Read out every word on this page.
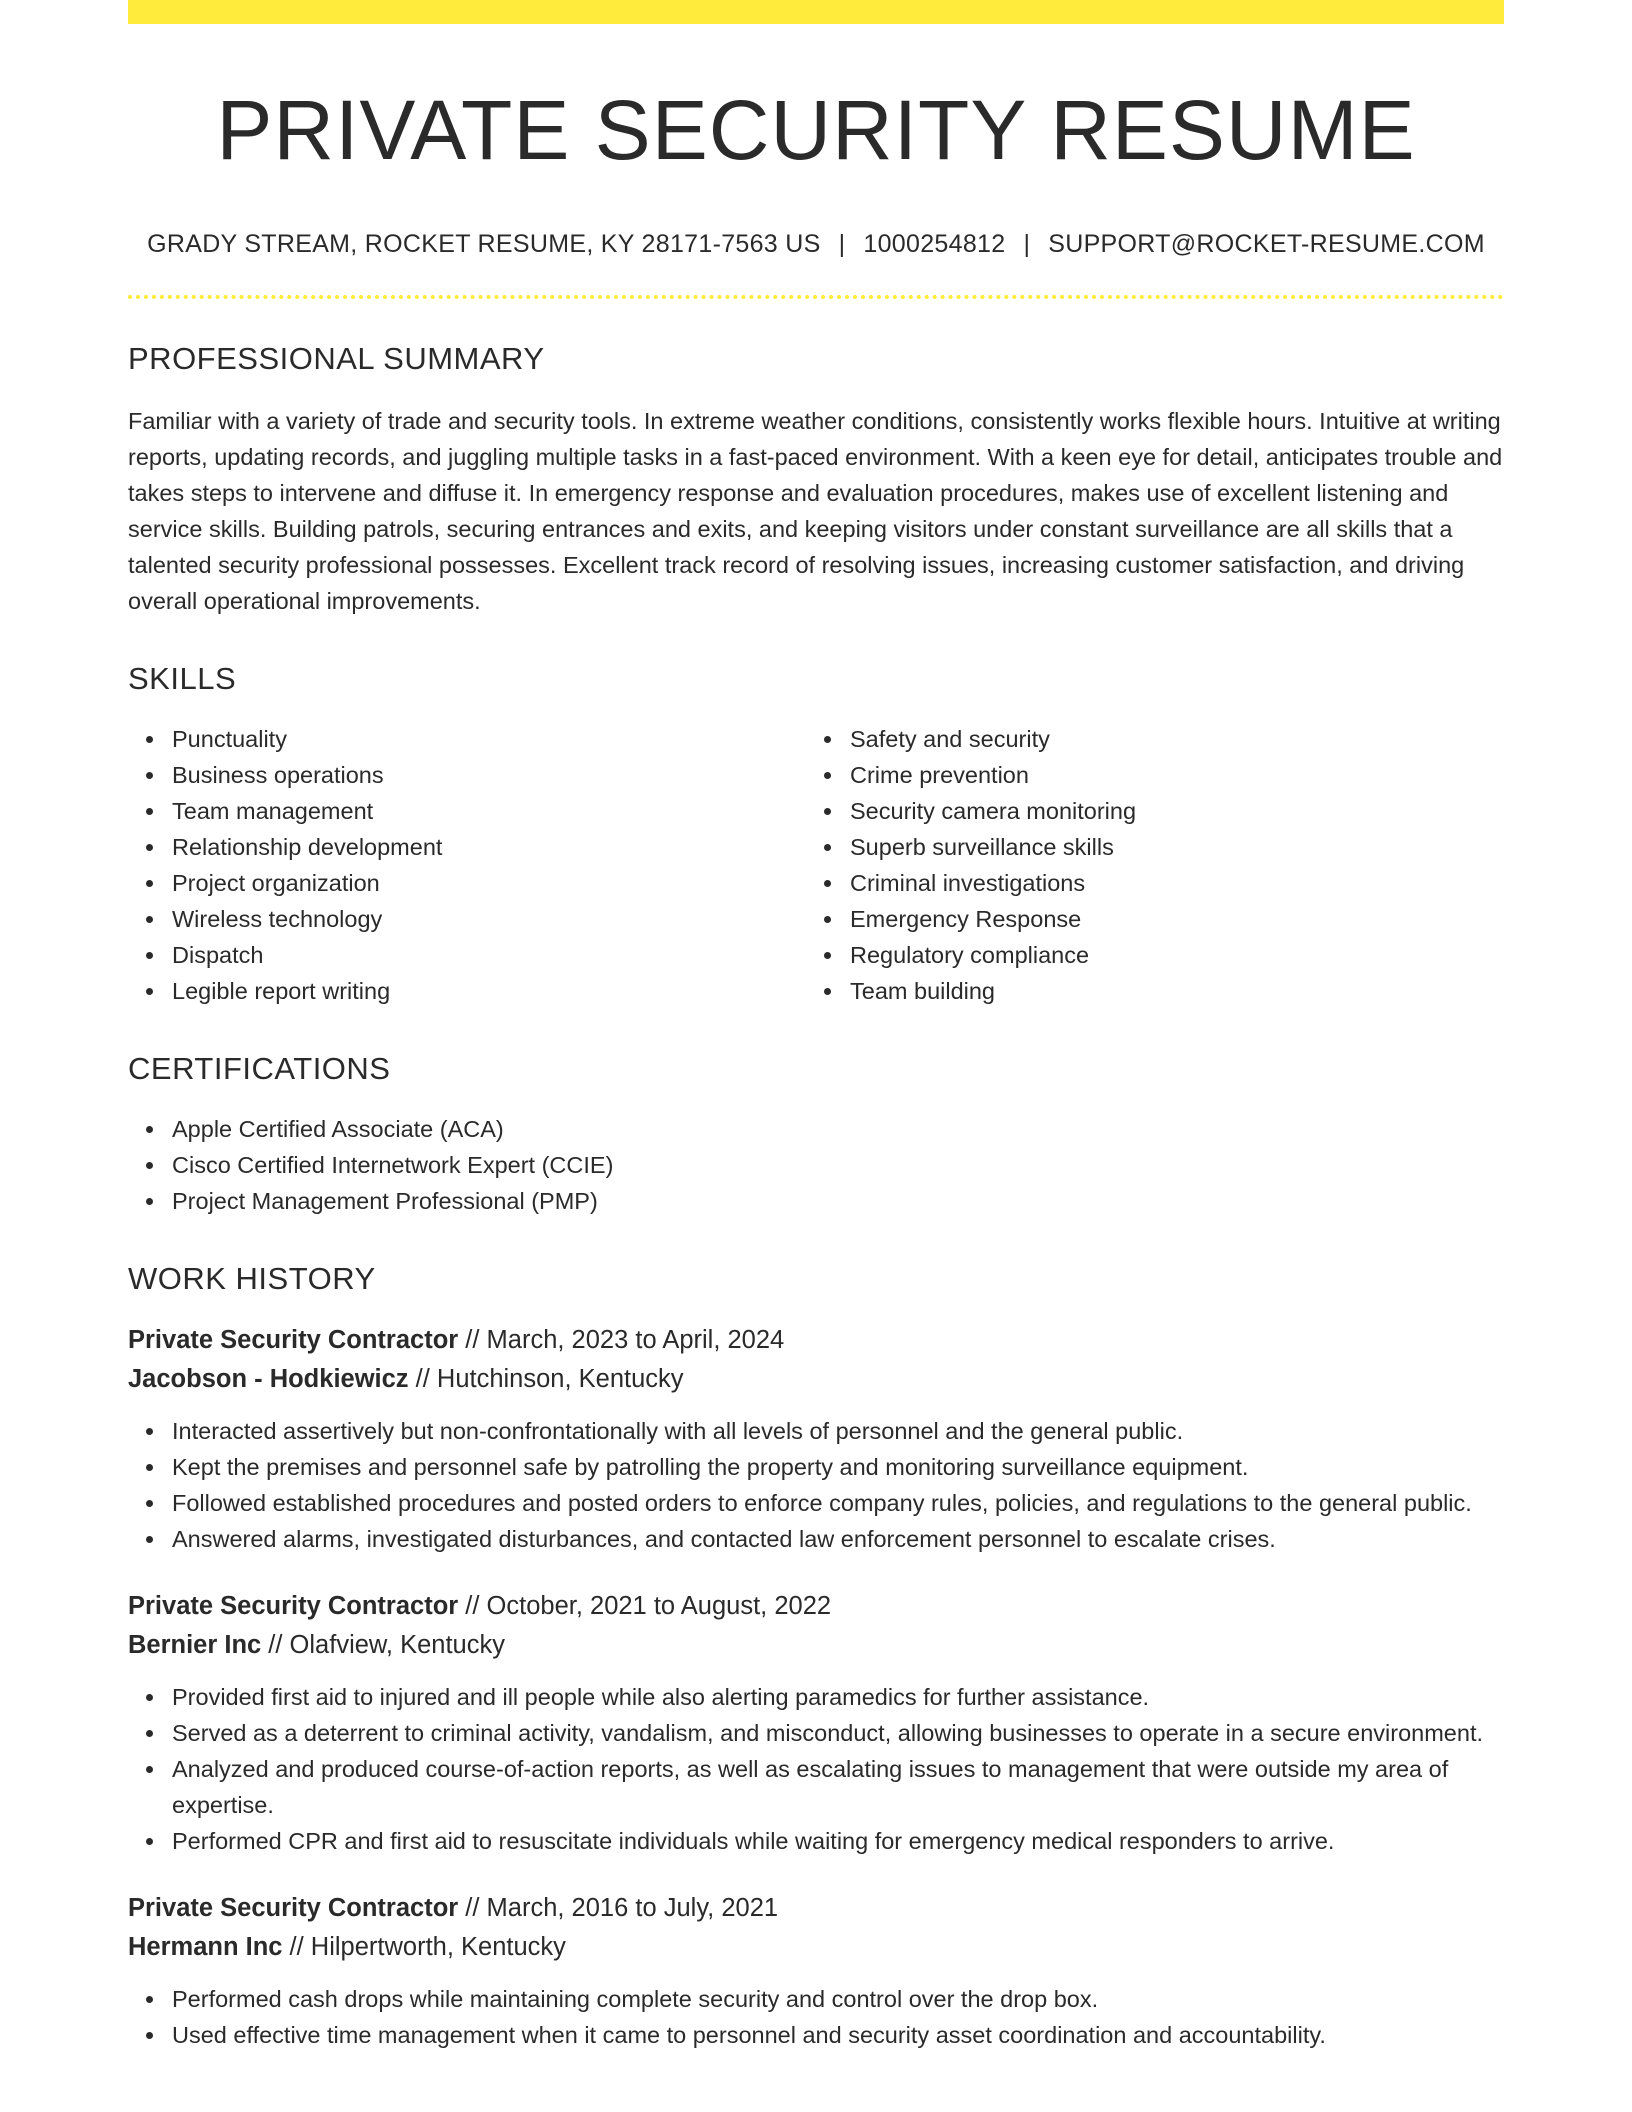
PRIVATE SECURITY RESUME
GRADY STREAM, ROCKET RESUME, KY 28171-7563 US | 1000254812 | SUPPORT@ROCKET-RESUME.COM
PROFESSIONAL SUMMARY

Familiar with a variety of trade and security tools. In extreme weather conditions, consistently works flexible hours. Intuitive at writing reports, updating records, and juggling multiple tasks in a fast-paced environment. With a keen eye for detail, anticipates trouble and takes steps to intervene and diffuse it. In emergency response and evaluation procedures, makes use of excellent listening and service skills. Building patrols, securing entrances and exits, and keeping visitors under constant surveillance are all skills that a talented security professional possesses. Excellent track record of resolving issues, increasing customer satisfaction, and driving overall operational improvements.

SKILLS
Punctuality
Business operations
Team management
Relationship development
Project organization
Wireless technology
Dispatch
Legible report writing
Safety and security
Crime prevention
Security camera monitoring
Superb surveillance skills
Criminal investigations
Emergency Response
Regulatory compliance
Team building
CERTIFICATIONS
Apple Certified Associate (ACA)
Cisco Certified Internetwork Expert (CCIE)
Project Management Professional (PMP)
WORK HISTORY
Private Security Contractor // March, 2023 to April, 2024
Jacobson - Hodkiewicz // Hutchinson, Kentucky
Interacted assertively but non-confrontationally with all levels of personnel and the general public.
Kept the premises and personnel safe by patrolling the property and monitoring surveillance equipment.
Followed established procedures and posted orders to enforce company rules, policies, and regulations to the general public.
Answered alarms, investigated disturbances, and contacted law enforcement personnel to escalate crises.
Private Security Contractor // October, 2021 to August, 2022
Bernier Inc // Olafview, Kentucky
Provided first aid to injured and ill people while also alerting paramedics for further assistance.
Served as a deterrent to criminal activity, vandalism, and misconduct, allowing businesses to operate in a secure environment.
Analyzed and produced course-of-action reports, as well as escalating issues to management that were outside my area of expertise.
Performed CPR and first aid to resuscitate individuals while waiting for emergency medical responders to arrive.
Private Security Contractor // March, 2016 to July, 2021
Hermann Inc // Hilpertworth, Kentucky
Performed cash drops while maintaining complete security and control over the drop box.
Used effective time management when it came to personnel and security asset coordination and accountability.
